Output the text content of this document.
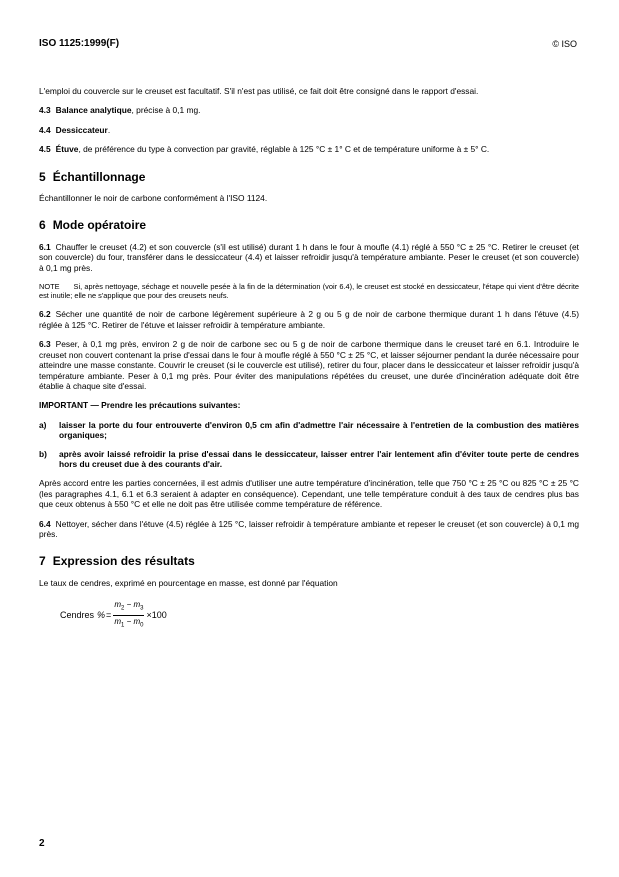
ISO 1125:1999(F)	© ISO

L'emploi du couvercle sur le creuset est facultatif. S'il n'est pas utilisé, ce fait doit être consigné dans le rapport d'essai.

4.3 Balance analytique, précise à 0,1 mg.

4.4 Dessiccateur.

4.5 Étuve, de préférence du type à convection par gravité, réglable à 125 °C ± 1° C et de température uniforme à ± 5° C.

5 Échantillonnage

Échantillonner le noir de carbone conformément à l'ISO 1124.

6 Mode opératoire

6.1 Chauffer le creuset (4.2) et son couvercle (s'il est utilisé) durant 1 h dans le four à moufle (4.1) réglé à 550 °C ± 25 °C. Retirer le creuset (et son couvercle) du four, transférer dans le dessiccateur (4.4) et laisser refroidir jusqu'à température ambiante. Peser le creuset (et son couvercle) à 0,1 mg près.

NOTE Si, après nettoyage, séchage et nouvelle pesée à la fin de la détermination (voir 6.4), le creuset est stocké en dessiccateur, l'étape qui vient d'être décrite est inutile; elle ne s'applique que pour des creusets neufs.

6.2 Sécher une quantité de noir de carbone légèrement supérieure à 2 g ou 5 g de noir de carbone thermique durant 1 h dans l'étuve (4.5) réglée à 125 °C. Retirer de l'étuve et laisser refroidir à température ambiante.

6.3 Peser, à 0,1 mg près, environ 2 g de noir de carbone sec ou 5 g de noir de carbone thermique dans le creuset taré en 6.1. Introduire le creuset non couvert contenant la prise d'essai dans le four à moufle réglé à 550 °C ± 25 °C, et laisser séjourner pendant la durée nécessaire pour atteindre une masse constante. Couvrir le creuset (si le couvercle est utilisé), retirer du four, placer dans le dessiccateur et laisser refroidir jusqu'à température ambiante. Peser à 0,1 mg près. Pour éviter des manipulations répétées du creuset, une durée d'incinération adéquate doit être établie à chaque site d'essai.

IMPORTANT — Prendre les précautions suivantes:

a)	laisser la porte du four entrouverte d'environ 0,5 cm afin d'admettre l'air nécessaire à l'entretien de la combustion des matières organiques;
b)	après avoir laissé refroidir la prise d'essai dans le dessiccateur, laisser entrer l'air lentement afin d'éviter toute perte de cendres hors du creuset due à des courants d'air.

Après accord entre les parties concernées, il est admis d'utiliser une autre température d'incinération, telle que 750 °C ± 25 °C ou 825 °C ± 25 °C (les paragraphes 4.1, 6.1 et 6.3 seraient à adapter en conséquence). Cependant, une telle température conduit à des taux de cendres plus bas que ceux obtenus à 550 °C et elle ne doit pas être utilisée comme température de référence.

6.4 Nettoyer, sécher dans l'étuve (4.5) réglée à 125 °C, laisser refroidir à température ambiante et repeser le creuset (et son couvercle) à 0,1 mg près.

7 Expression des résultats

Le taux de cendres, exprimé en pourcentage en masse, est donné par l'équation

Cendres % = $\frac{m_2 - m_3}{m_1 - m_0} \times 100$
2
